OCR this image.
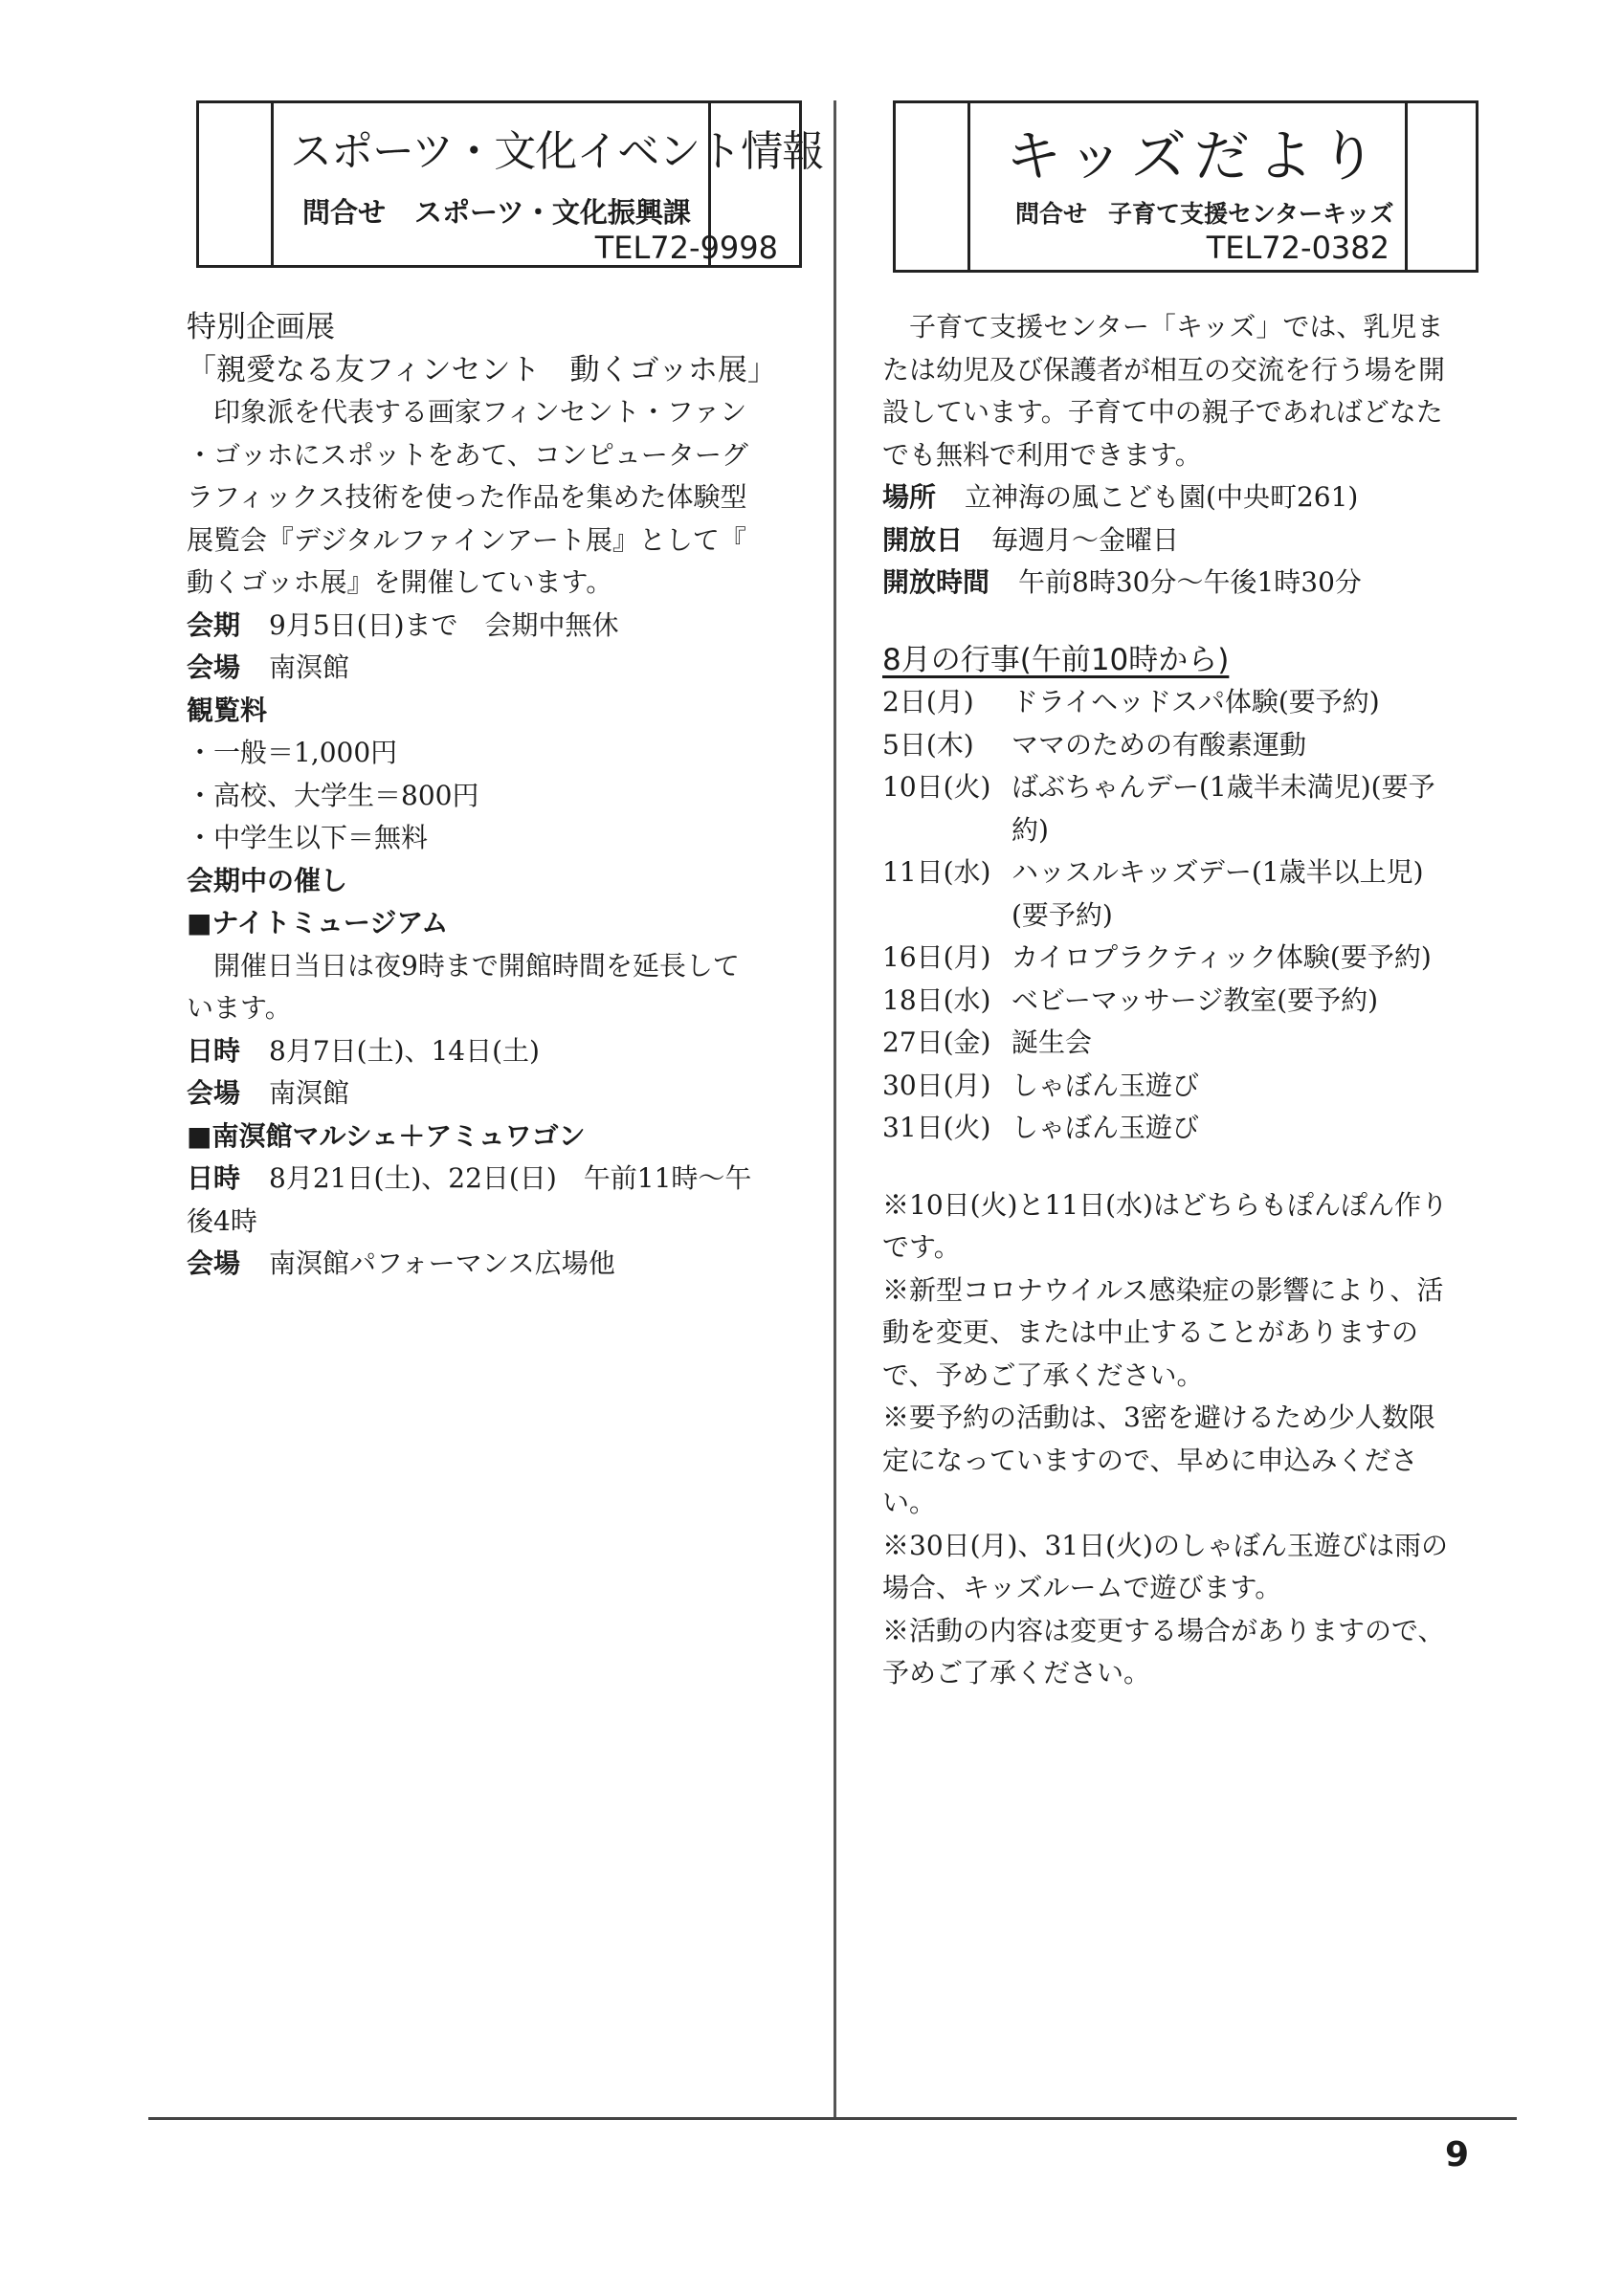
スポーツ・文化イベント情報
問合せ スポーツ・文化振興課
TEL72-9998
キッズだより
問合せ 子育て支援センターキッズ
TEL72-0382

特別企画展

「親愛なる友フィンセント　動くゴッホ展」

印象派を代表する画家フィンセント・ファン

・ゴッホにスポットをあて、コンピューターグ

ラフィックス技術を使った作品を集めた体験型

展覧会『デジタルファインアート展』として『

動くゴッホ展』を開催しています。

会期 9月5日(日)まで　会期中無休

会場 南溟館

観覧料

・一般＝1,000円

・高校、大学生＝800円

・中学生以下＝無料

会期中の催し

■ナイトミュージアム

開催日当日は夜9時まで開館時間を延長して

います。

日時 8月7日(土)、14日(土)

会場 南溟館

■南溟館マルシェ＋アミュワゴン

日時 8月21日(土)、22日(日)　午前11時～午

後4時

会場 南溟館パフォーマンス広場他

子育て支援センター「キッズ」では、乳児ま

たは幼児及び保護者が相互の交流を行う場を開

設しています。子育て中の親子であればどなた

でも無料で利用できます。

場所 立神海の風こども園(中央町261)

開放日 毎週月～金曜日

開放時間 午前8時30分～午後1時30分

8月の行事(午前10時から)

2日(月)	ドライヘッドスパ体験(要予約)
5日(木)	ママのための有酸素運動
10日(火) ばぶちゃんデー(1歳半未満児)(要予
約)
11日(水) ハッスルキッズデー(1歳半以上児)
(要予約)
16日(月) カイロプラクティック体験(要予約)
18日(水) ベビーマッサージ教室(要予約)
27日(金) 誕生会
30日(月) しゃぼん玉遊び
31日(火) しゃぼん玉遊び
※10日(火)と11日(水)はどちらもぽんぽん作り
です。
※新型コロナウイルス感染症の影響により、活
動を変更、または中止することがありますの
で、予めご了承ください。
※要予約の活動は、3密を避けるため少人数限
定になっていますので、早めに申込みくださ
い。
※30日(月)、31日(火)のしゃぼん玉遊びは雨の
場合、キッズルームで遊びます。
※活動の内容は変更する場合がありますので、
予めご了承ください。
9
